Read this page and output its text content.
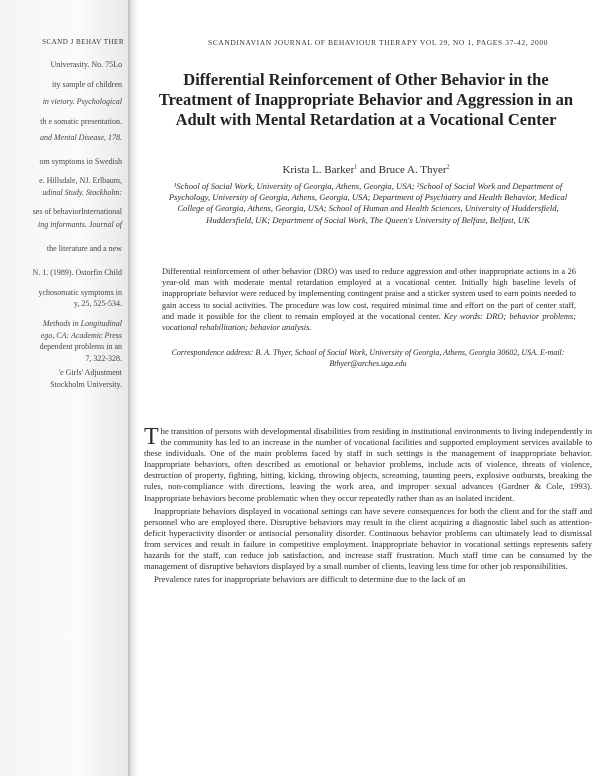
SCAND J BEHAV THER
Univerasity. No. 75Lo
ity sample of children
in vietory. Psychological
th e somatic presentation.
and Mental Disease, 178.
om symptoms in Swedish
e. Hillsdale, NJ. Erlbaum,
udinal Study. Stockholm:
ses of behaviorInternational
ing informants. Journal of
the literature and a new
N. 1. (1989). Ostorfin Child
ychosomatic symptoms in
y, 25, 525-534.
Methods in Longitudinal
ego, CA: Academic Press
dependent problems in an
7, 322-328.
'e Girls' Adjustment
Stockholm University.
SCANDINAVIAN JOURNAL OF BEHAVIOUR THERAPY VOL 29, NO 1, PAGES 37-42, 2000
Differential Reinforcement of Other Behavior in the Treatment of Inappropriate Behavior and Aggression in an Adult with Mental Retardation at a Vocational Center
Krista L. Barker$^1$ and Bruce A. Thyer$^2$
¹School of Social Work, University of Georgia, Athens, Georgia, USA; ²School of Social Work and Department of Psychology, University of Georgia, Athens, Georgia, USA; Department of Psychiatry and Health Behavior, Medical College of Georgia, Athens, Georgia, USA; School of Human and Health Sciences, University of Huddersfield, Huddersfield, UK; Department of Social Work, The Queen's University of Belfast, Belfast, UK
Differential reinforcement of other behavior (DRO) was used to reduce aggression and other inappropriate actions in a 26 year-old man with moderate mental retardation employed at a vocational center. Initially high baseline levels of inappropriate behavior were reduced by implementing contingent praise and a sticker system used to earn points needed to gain access to social activities. The procedure was low cost, required minimal time and effort on the part of center staff, and made it possible for the client to remain employed at the vocational center. Key words: DRO; behavior problems; vocational rehabilitation; behavior analysis.
Correspondence address: B. A. Thyer, School of Social Work, University of Georgia, Athens, Georgia 30602, USA. E-mail: Bthyer@arches.uga.edu

The transition of persons with developmental disabilities from residing in institutional environments to living independently in the community has led to an increase in the number of vocational facilities and supported employment services available to these individuals. One of the main problems faced by staff in such settings is the management of inappropriate behavior. Inappropriate behaviors, often described as emotional or behavior problems, include acts of violence, threats of violence, destruction of property, fighting, hitting, kicking, throwing objects, screaming, taunting peers, explosive outbursts, breaking the rules, non-compliance with directions, leaving the work area, and improper sexual advances (Gardner & Cole, 1993). Inappropriate behaviors become problematic when they occur repeatedly rather than as an isolated incident.

Inappropriate behaviors displayed in vocational settings can have severe consequences for both the client and for the staff and personnel who are employed there. Disruptive behaviors may result in the client acquiring a diagnostic label such as attention-deficit hyperactivity disorder or antisocial personality disorder. Continuous behavior problems can ultimately lead to dismissal from services and result in failure in competitive employment. Inappropriate behavior in vocational settings represents safety hazards for the staff, can reduce job satisfaction, and increase staff frustration. Much staff time can be consumed by the management of disruptive behaviors displayed by a small number of clients, leaving less time for other job responsibilities.

Prevalence rates for inappropriate behaviors are difficult to determine due to the lack of an
